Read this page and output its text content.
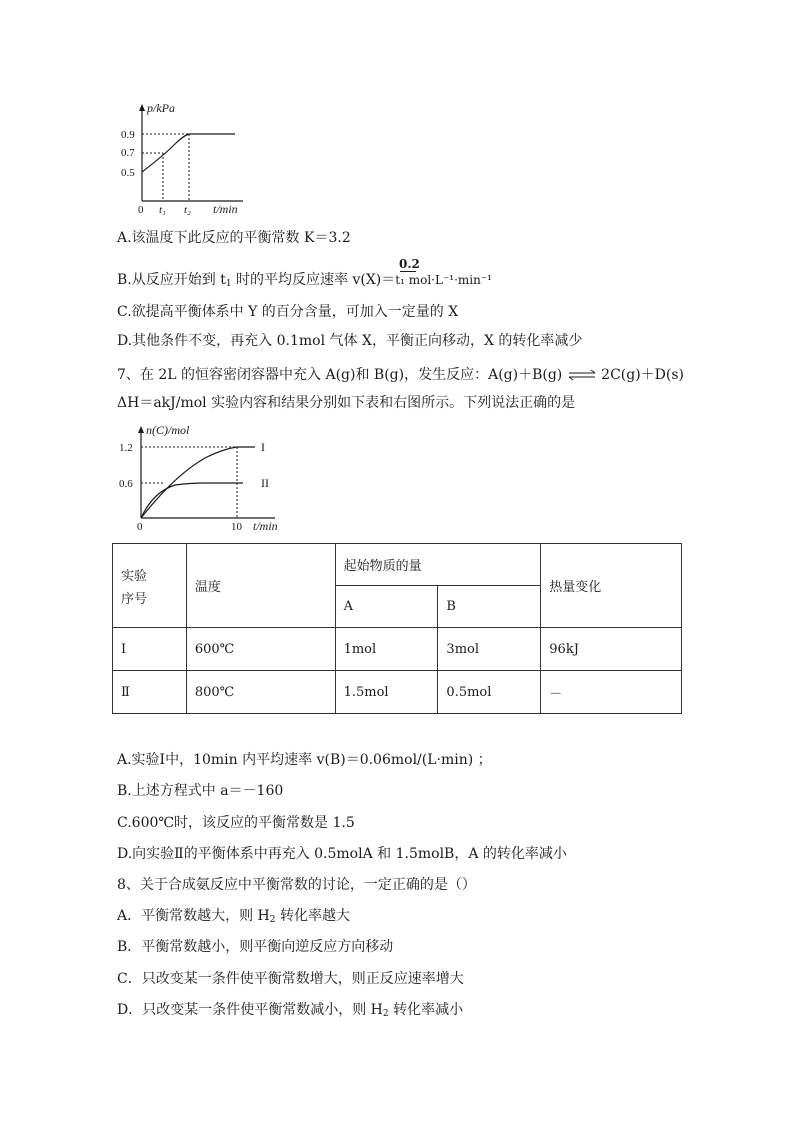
p/kPa
0.9
0.7
0.5
0 t₁ t₂ t/min
A.该温度下此反应的平衡常数 K＝3.2
0.2
B.从反应开始到 $t_1$ 时的平均反应速率 v(X)＝t₁ mol·L⁻¹·min⁻¹
C.欲提高平衡体系中 Y 的百分含量，可加入一定量的 X
D.其他条件不变，再充入 0.1mol 气体 X，平衡正向移动，X 的转化率减少
7、在 2L 的恒容密闭容器中充入 A(g)和 B(g)，发生反应：A(g)＋B(g) ⇌ 2C(g)＋D(s)
ΔH＝akJ/mol 实验内容和结果分别如下表和右图所示。下列说法正确的是
n(C)/mol
1.2
0.6
I
II
0	10 t/min
实验
序号	温度	起始物质的量		热量变化
		A	B	
Ⅰ	600℃	1mol	3mol	96kJ
Ⅱ	800℃	1.5mol	0.5mol	－
A.实验Ⅰ中，10min 内平均速率 v(B)＝0.06mol/(L·min) ；
B.上述方程式中 a＝－160
C.600℃时，该反应的平衡常数是 1.5
D.向实验Ⅱ的平衡体系中再充入 0.5molA 和 1.5molB，A 的转化率减小
8、关于合成氨反应中平衡常数的讨论，一定正确的是（）
A．平衡常数越大，则 $H_2$ 转化率越大
B．平衡常数越小，则平衡向逆反应方向移动
C．只改变某一条件使平衡常数增大，则正反应速率增大
D．只改变某一条件使平衡常数减小，则 $H_2$ 转化率减小
